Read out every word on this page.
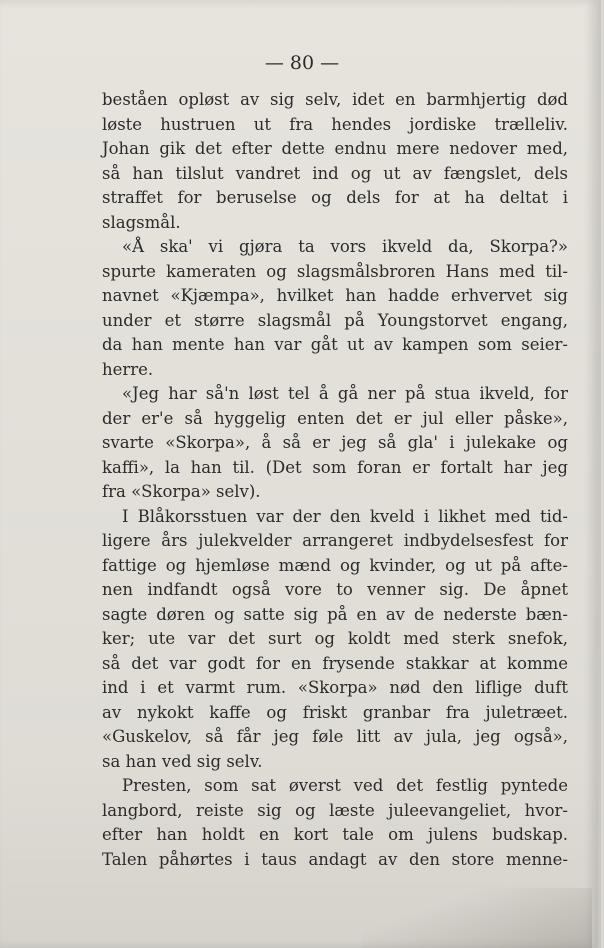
— 80 —
beståen opløst av sig selv, idet en barmhjertig død
løste hustruen ut fra hendes jordiske trælleliv.
Johan gik det efter dette endnu mere nedover med,
så han tilslut vandret ind og ut av fængslet, dels
straffet for beruselse og dels for at ha deltat i
slagsmål.
«Å ska' vi gjøra ta vors ikveld da, Skorpa?»
spurte kameraten og slagsmålsbroren Hans med til-
navnet «Kjæmpa», hvilket han hadde erhvervet sig
under et større slagsmål på Youngstorvet engang,
da han mente han var gåt ut av kampen som seier-
herre.
«Jeg har så'n løst tel å gå ner på stua ikveld, for
der er'e så hyggelig enten det er jul eller påske»,
svarte «Skorpa», å så er jeg så gla' i julekake og
kaffi», la han til. (Det som foran er fortalt har jeg
fra «Skorpa» selv).
I Blåkorsstuen var der den kveld i likhet med tid-
ligere års julekvelder arrangeret indbydelsesfest for
fattige og hjemløse mænd og kvinder, og ut på afte-
nen indfandt også vore to venner sig. De åpnet
sagte døren og satte sig på en av de nederste bæn-
ker; ute var det surt og koldt med sterk snefok,
så det var godt for en frysende stakkar at komme
ind i et varmt rum. «Skorpa» nød den liflige duft
av nykokt kaffe og friskt granbar fra juletræet.
«Guskelov, så får jeg føle litt av jula, jeg også»,
sa han ved sig selv.
Presten, som sat øverst ved det festlig pyntede
langbord, reiste sig og læste juleevangeliet, hvor-
efter han holdt en kort tale om julens budskap.
Talen påhørtes i taus andagt av den store menne-
